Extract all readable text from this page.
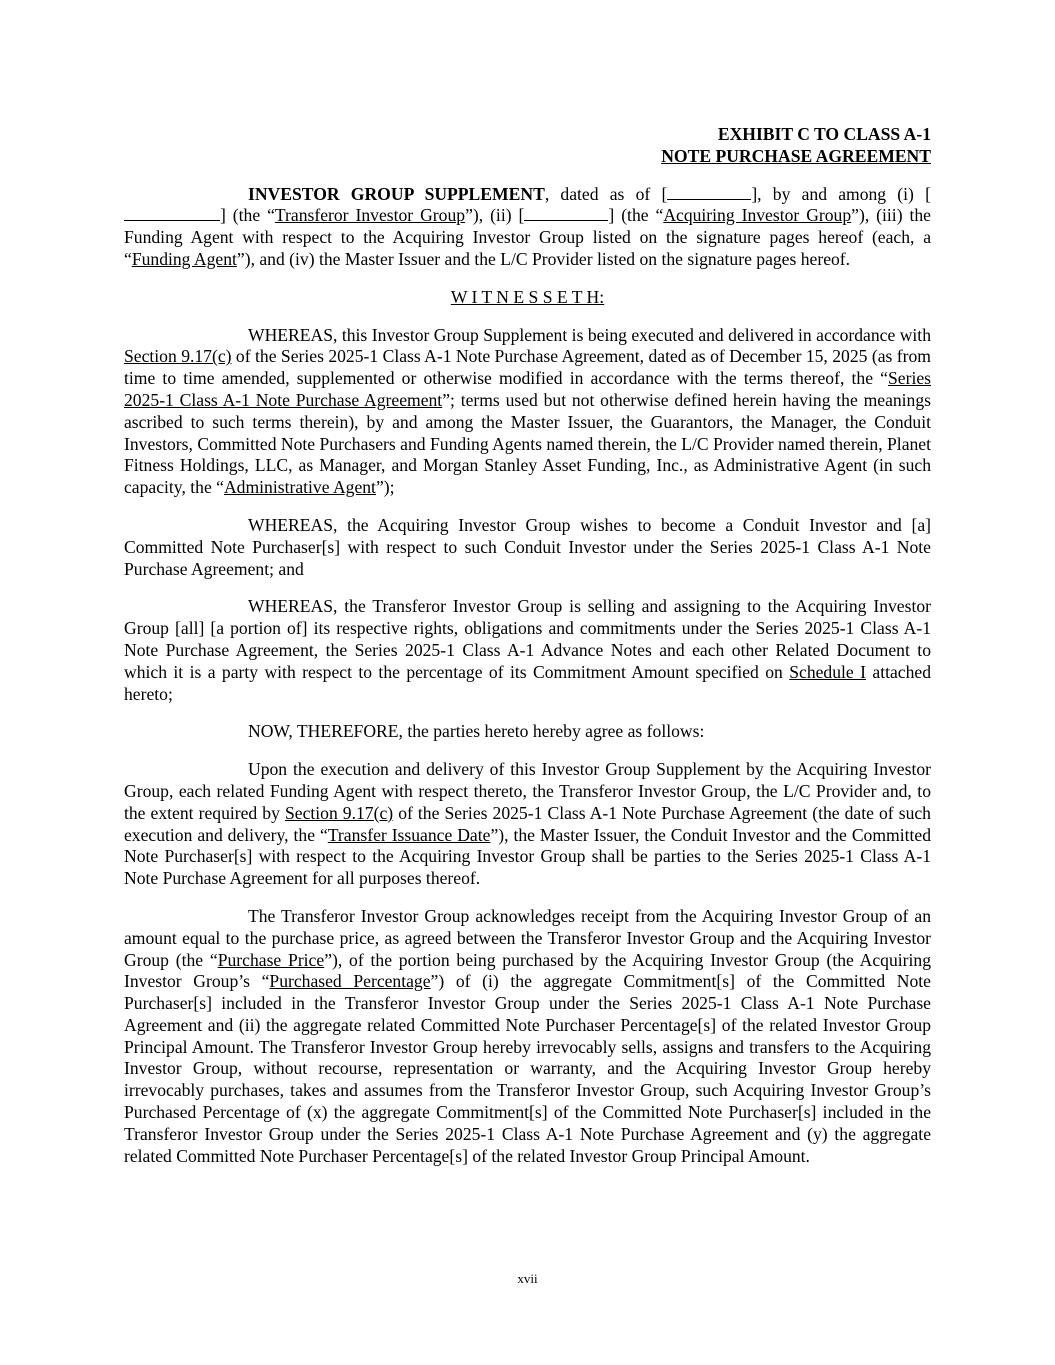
EXHIBIT C TO CLASS A-1
NOTE PURCHASE AGREEMENT

INVESTOR GROUP SUPPLEMENT, dated as of [	], by and among (i) [] (the “Transferor Investor Group”), (ii) [	] (the “Acquiring Investor Group”), (iii) the Funding Agent with respect to the Acquiring Investor Group listed on the signature pages hereof (each, a “Funding Agent”), and (iv) the Master Issuer and the L/C Provider listed on the signature pages hereof.

W I T N E S S E T H:

WHEREAS, this Investor Group Supplement is being executed and delivered in accordance with Section 9.17(c) of the Series 2025-1 Class A-1 Note Purchase Agreement, dated as of December 15, 2025 (as from time to time amended, supplemented or otherwise modified in accordance with the terms thereof, the “Series 2025-1 Class A-1 Note Purchase Agreement”; terms used but not otherwise defined herein having the meanings ascribed to such terms therein), by and among the Master Issuer, the Guarantors, the Manager, the Conduit Investors, Committed Note Purchasers and Funding Agents named therein, the L/C Provider named therein, Planet Fitness Holdings, LLC, as Manager, and Morgan Stanley Asset Funding, Inc., as Administrative Agent (in such capacity, the “Administrative Agent”);

WHEREAS, the Acquiring Investor Group wishes to become a Conduit Investor and [a] Committed Note Purchaser[s] with respect to such Conduit Investor under the Series 2025-1 Class A-1 Note Purchase Agreement; and

WHEREAS, the Transferor Investor Group is selling and assigning to the Acquiring Investor Group [all] [a portion of] its respective rights, obligations and commitments under the Series 2025-1 Class A-1 Note Purchase Agreement, the Series 2025-1 Class A-1 Advance Notes and each other Related Document to which it is a party with respect to the percentage of its Commitment Amount specified on Schedule I attached hereto;

NOW, THEREFORE, the parties hereto hereby agree as follows:

Upon the execution and delivery of this Investor Group Supplement by the Acquiring Investor Group, each related Funding Agent with respect thereto, the Transferor Investor Group, the L/C Provider and, to the extent required by Section 9.17(c) of the Series 2025-1 Class A-1 Note Purchase Agreement (the date of such execution and delivery, the “Transfer Issuance Date”), the Master Issuer, the Conduit Investor and the Committed Note Purchaser[s] with respect to the Acquiring Investor Group shall be parties to the Series 2025-1 Class A-1 Note Purchase Agreement for all purposes thereof.

The Transferor Investor Group acknowledges receipt from the Acquiring Investor Group of an amount equal to the purchase price, as agreed between the Transferor Investor Group and the Acquiring Investor Group (the “Purchase Price”), of the portion being purchased by the Acquiring Investor Group (the Acquiring Investor Group’s “Purchased Percentage”) of (i) the aggregate Commitment[s] of the Committed Note Purchaser[s] included in the Transferor Investor Group under the Series 2025-1 Class A-1 Note Purchase Agreement and (ii) the aggregate related Committed Note Purchaser Percentage[s] of the related Investor Group Principal Amount. The Transferor Investor Group hereby irrevocably sells, assigns and transfers to the Acquiring Investor Group, without recourse, representation or warranty, and the Acquiring Investor Group hereby irrevocably purchases, takes and assumes from the Transferor Investor Group, such Acquiring Investor Group’s Purchased Percentage of (x) the aggregate Commitment[s] of the Committed Note Purchaser[s] included in the Transferor Investor Group under the Series 2025-1 Class A-1 Note Purchase Agreement and (y) the aggregate related Committed Note Purchaser Percentage[s] of the related Investor Group Principal Amount.

xvii
